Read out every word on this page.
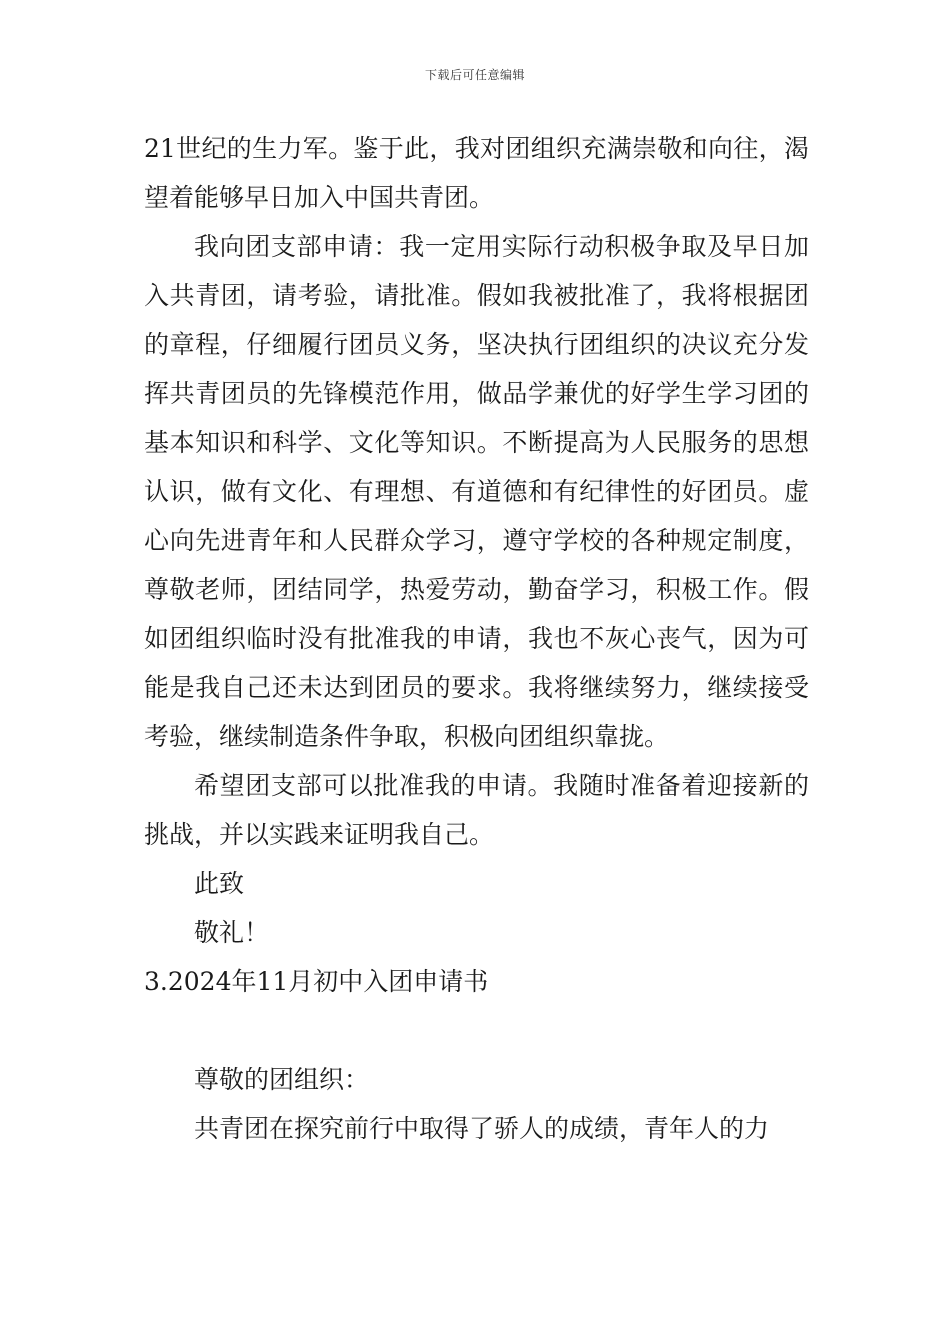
下载后可任意编辑

21世纪的生力军。鉴于此，我对团组织充满崇敬和向往，渴望着能够早日加入中国共青团。

我向团支部申请：我一定用实际行动积极争取及早日加入共青团，请考验，请批准。假如我被批准了，我将根据团的章程，仔细履行团员义务，坚决执行团组织的决议充分发挥共青团员的先锋模范作用，做品学兼优的好学生学习团的基本知识和科学、文化等知识。不断提高为人民服务的思想认识，做有文化、有理想、有道德和有纪律性的好团员。虚心向先进青年和人民群众学习，遵守学校的各种规定制度，尊敬老师，团结同学，热爱劳动，勤奋学习，积极工作。假如团组织临时没有批准我的申请，我也不灰心丧气，因为可能是我自己还未达到团员的要求。我将继续努力，继续接受考验，继续制造条件争取，积极向团组织靠拢。

希望团支部可以批准我的申请。我随时准备着迎接新的挑战，并以实践来证明我自己。

此致

敬礼！

3.2024年11月初中入团申请书

尊敬的团组织：

共青团在探究前行中取得了骄人的成绩，青年人的力
